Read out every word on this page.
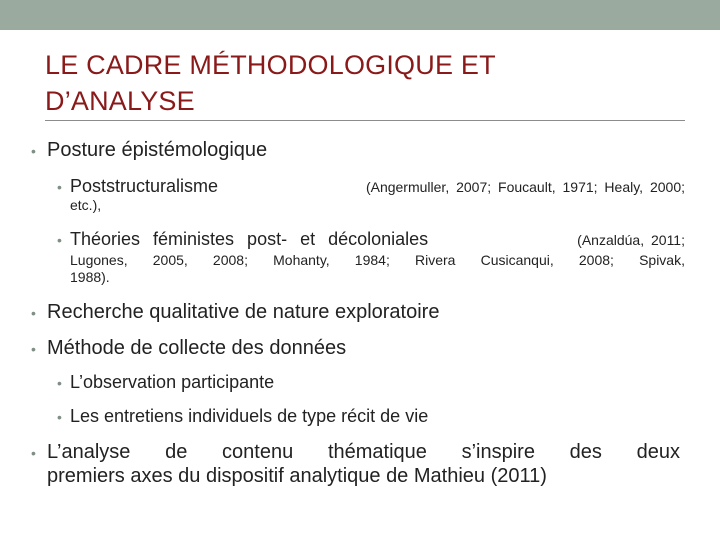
LE CADRE MÉTHODOLOGIQUE ET
D’ANALYSE
• Posture épistémologique
• Poststructuralisme	(Angermuller, 2007; Foucault, 1971; Healy, 2000;
etc.),
• Théories féministes post- et décoloniales	(Anzaldúa, 2011;
Lugones, 2005, 2008; Mohanty, 1984; Rivera Cusicanqui, 2008; Spivak,
1988).
• Recherche qualitative de nature exploratoire
• Méthode de collecte des données
• L’observation participante
• Les entretiens individuels de type récit de vie
• L’analyse de contenu thématique s’inspire des deux
premiers axes du dispositif analytique de Mathieu (2011)
